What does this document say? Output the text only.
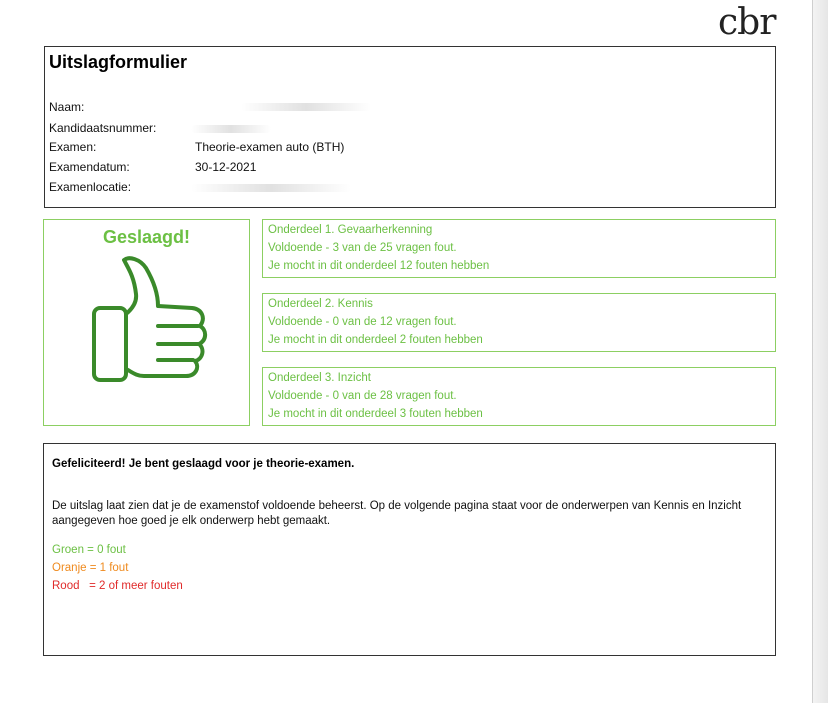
cbr
Uitslagformulier
Naam:
Kandidaatsnummer:
Examen:	Theorie-examen auto (BTH)
Examendatum:	30-12-2021
Examenlocatie:
Geslaagd!	Onderdeel 1. Gevaarherkenning
Voldoende - 3 van de 25 vragen fout.
Je mocht in dit onderdeel 12 fouten hebben
Onderdeel 2. Kennis
Voldoende - 0 van de 12 vragen fout.
Je mocht in dit onderdeel 2 fouten hebben
Onderdeel 3. Inzicht
Voldoende - 0 van de 28 vragen fout.
Je mocht in dit onderdeel 3 fouten hebben
Gefeliciteerd! Je bent geslaagd voor je theorie-examen.
De uitslag laat zien dat je de examenstof voldoende beheerst. Op de volgende pagina staat voor de onderwerpen van Kennis en Inzicht aangegeven hoe goed je elk onderwerp hebt gemaakt.
Groen = 0 fout
Oranje = 1 fout
Rood   = 2 of meer fouten
